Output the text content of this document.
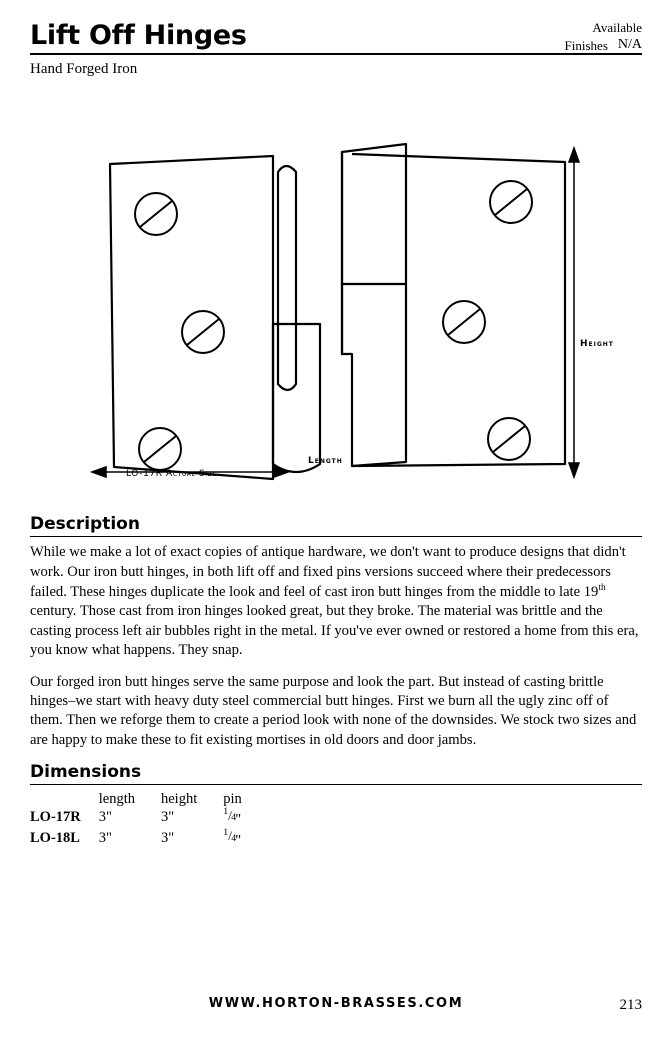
Lift Off Hinges
Hand Forged Iron
Available
Finishes N/A
LO-17R Actual Size
Length
Height
Description

While we make a lot of exact copies of antique hardware, we don't want to produce designs that didn't work. Our iron butt hinges, in both lift off and fixed pins versions succeed where their predecessors failed. These hinges duplicate the look and feel of cast iron butt hinges from the middle to late 19th century. Those cast from iron hinges looked great, but they broke. The material was brittle and the casting process left air bubbles right in the metal. If you've ever owned or restored a home from this era, you know what happens. They snap.

Our forged iron butt hinges serve the same purpose and look the part. But instead of casting brittle hinges–we start with heavy duty steel commercial butt hinges. First we burn all the ugly zinc off of them. Then we reforge them to create a period look with none of the downsides. We stock two sizes and are happy to make these to fit existing mortises in old doors and door jambs.

Dimensions
	length	height	pin
LO-17R	3"	3"	1 / 4 "
LO-18L	3"	3"	1 / 4 "
WWW.HORTON-BRASSES.COM	213
